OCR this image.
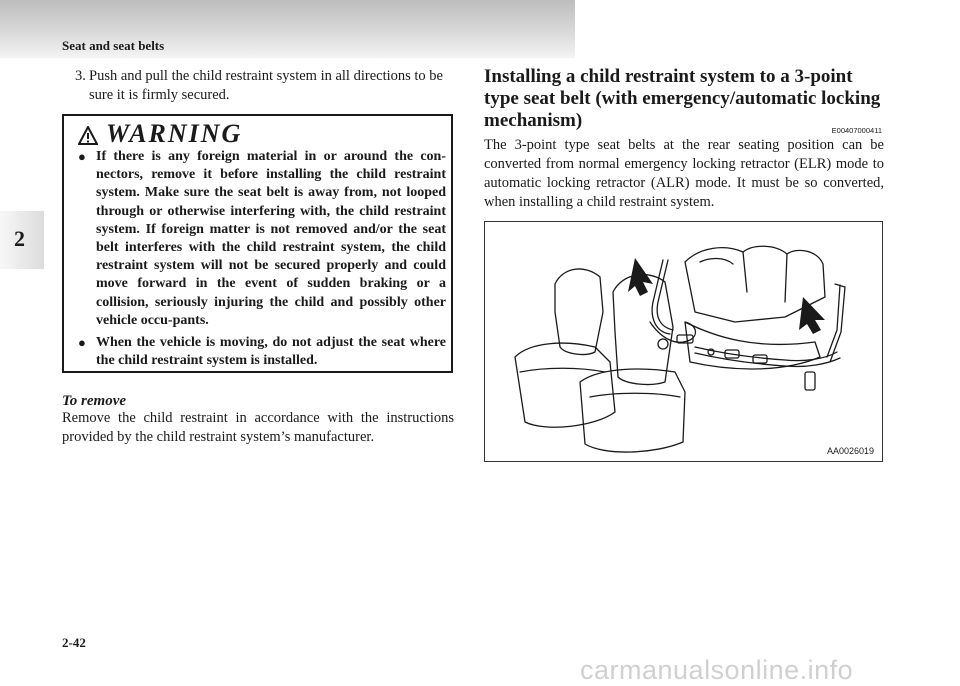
Seat and seat belts
2
3. Push and pull the child restraint system in all directions to be sure it is firmly secured.
WARNING
● If there is any foreign material in or around the con-nectors, remove it before installing the child restraint system. Make sure the seat belt is away from, not looped through or otherwise interfering with, the child restraint system. If foreign matter is not removed and/or the seat belt interferes with the child restraint system, the child restraint system will not be secured properly and could move forward in the event of sudden braking or a collision, seriously injuring the child and possibly other vehicle occu-pants.
● When the vehicle is moving, do not adjust the seat where the child restraint system is installed.
To remove
Remove the child restraint in accordance with the instructions provided by the child restraint system’s manufacturer.
Installing a child restraint system to a 3-point type seat belt (with emergency/automatic locking mechanism)	E00407000411
The 3-point type seat belts at the rear seating position can be converted from normal emergency locking retractor (ELR) mode to automatic locking retractor (ALR) mode. It must be so converted, when installing a child restraint system.
AA0026019
2-42
carmanualsonline.info
